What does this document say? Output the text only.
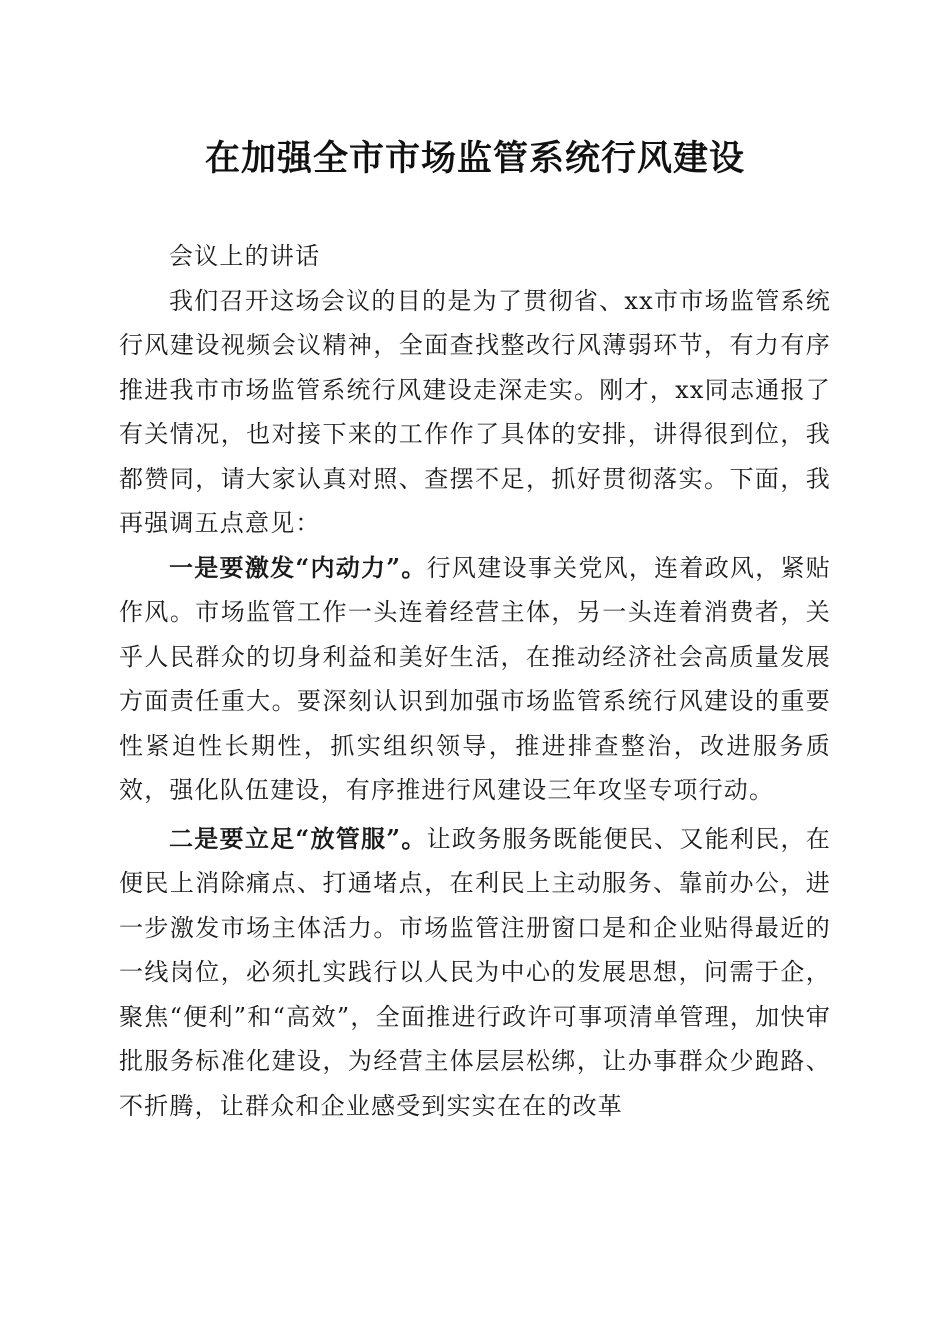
在加强全市市场监管系统行风建设

会议上的讲话

我们召开这场会议的目的是为了贯彻省、xx市市场监管系统行风建设视频会议精神，全面查找整改行风薄弱环节，有力有序推进我市市场监管系统行风建设走深走实。刚才，xx同志通报了有关情况，也对接下来的工作作了具体的安排，讲得很到位，我都赞同，请大家认真对照、查摆不足，抓好贯彻落实。下面，我再强调五点意见：

一是要激发“内动力”。行风建设事关党风，连着政风，紧贴作风。市场监管工作一头连着经营主体，另一头连着消费者，关乎人民群众的切身利益和美好生活，在推动经济社会高质量发展方面责任重大。要深刻认识到加强市场监管系统行风建设的重要性紧迫性长期性，抓实组织领导，推进排查整治，改进服务质效，强化队伍建设，有序推进行风建设三年攻坚专项行动。

二是要立足“放管服”。让政务服务既能便民、又能利民，在便民上消除痛点、打通堵点，在利民上主动服务、靠前办公，进一步激发市场主体活力。市场监管注册窗口是和企业贴得最近的一线岗位，必须扎实践行以人民为中心的发展思想，问需于企，聚焦“便利”和“高效”，全面推进行政许可事项清单管理，加快审批服务标准化建设，为经营主体层层松绑，让办事群众少跑路、不折腾，让群众和企业感受到实实在在的改革
